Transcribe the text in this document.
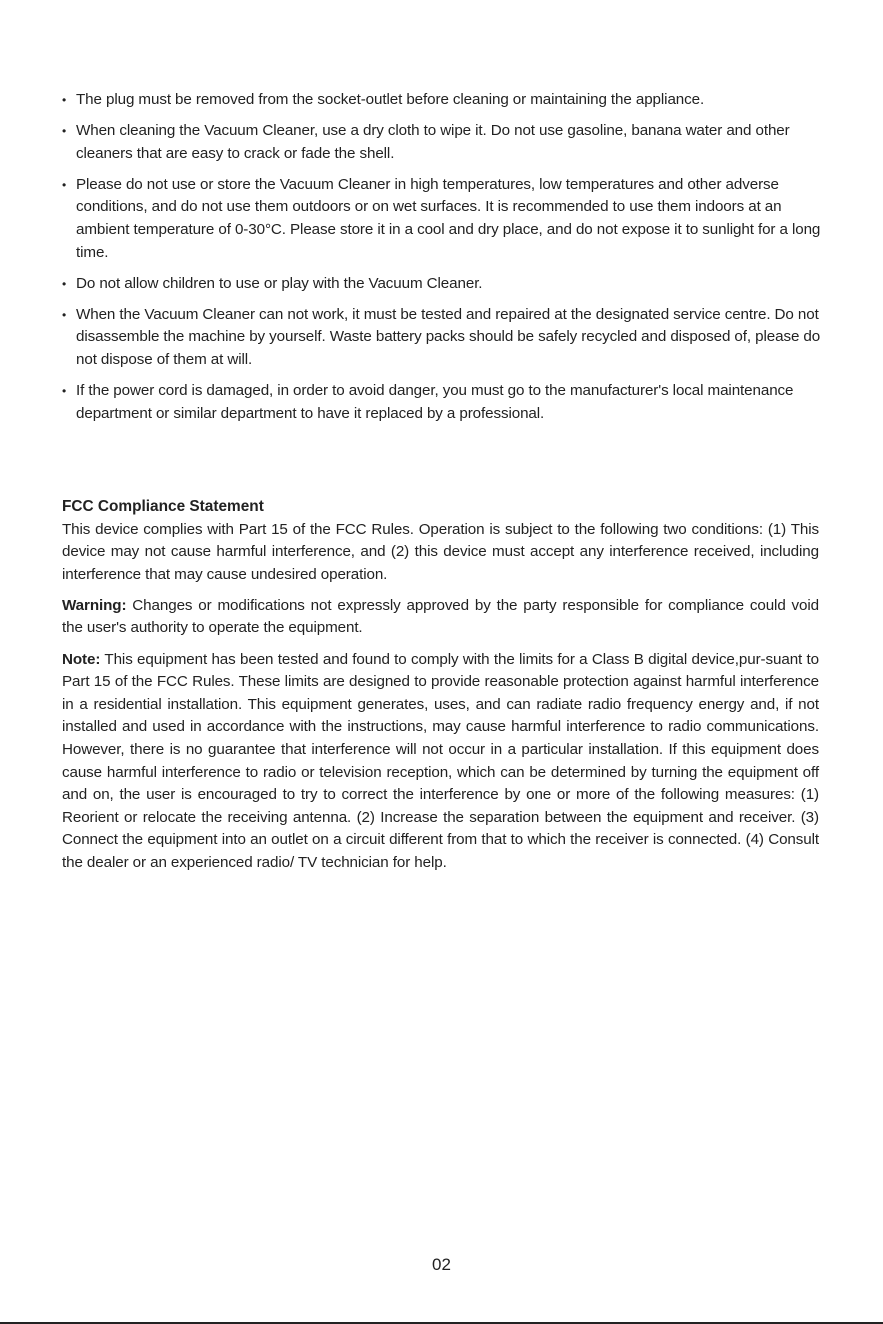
• The plug must be removed from the socket-outlet before cleaning or maintaining the appliance.
• When cleaning the Vacuum Cleaner, use a dry cloth to wipe it. Do not use gasoline, banana water and other cleaners that are easy to crack or fade the shell.
• Please do not use or store the Vacuum Cleaner in high temperatures, low temperatures and other adverse conditions, and do not use them outdoors or on wet surfaces. It is recommended to use them indoors at an ambient temperature of 0-30°C. Please store it in a cool and dry place, and do not expose it to sunlight for a long time.
• Do not allow children to use or play with the Vacuum Cleaner.
• When the Vacuum Cleaner can not work, it must be tested and repaired at the designated service centre. Do not disassemble the machine by yourself. Waste battery packs should be safely recycled and disposed of, please do not dispose of them at will.
• If the power cord is damaged, in order to avoid danger, you must go to the manufacturer's local maintenance department or similar department to have it replaced by a professional.
FCC Compliance Statement

This device complies with Part 15 of the FCC Rules. Operation is subject to the following two conditions: (1) This device may not cause harmful interference, and (2) this device must accept any interference received, including interference that may cause undesired operation.

Warning: Changes or modifications not expressly approved by the party responsible for compliance could void the user's authority to operate the equipment.

Note: This equipment has been tested and found to comply with the limits for a Class B digital device,pur-suant to Part 15 of the FCC Rules. These limits are designed to provide reasonable protection against harmful interference in a residential installation. This equipment generates, uses, and can radiate radio frequency energy and, if not installed and used in accordance with the instructions, may cause harmful interference to radio communications. However, there is no guarantee that interference will not occur in a particular installation. If this equipment does cause harmful interference to radio or television reception, which can be determined by turning the equipment off and on, the user is encouraged to try to correct the interference by one or more of the following measures: (1) Reorient or relocate the receiving antenna. (2) Increase the separation between the equipment and receiver. (3) Connect the equipment into an outlet on a circuit different from that to which the receiver is connected. (4) Consult the dealer or an experienced radio/ TV technician for help.

02
